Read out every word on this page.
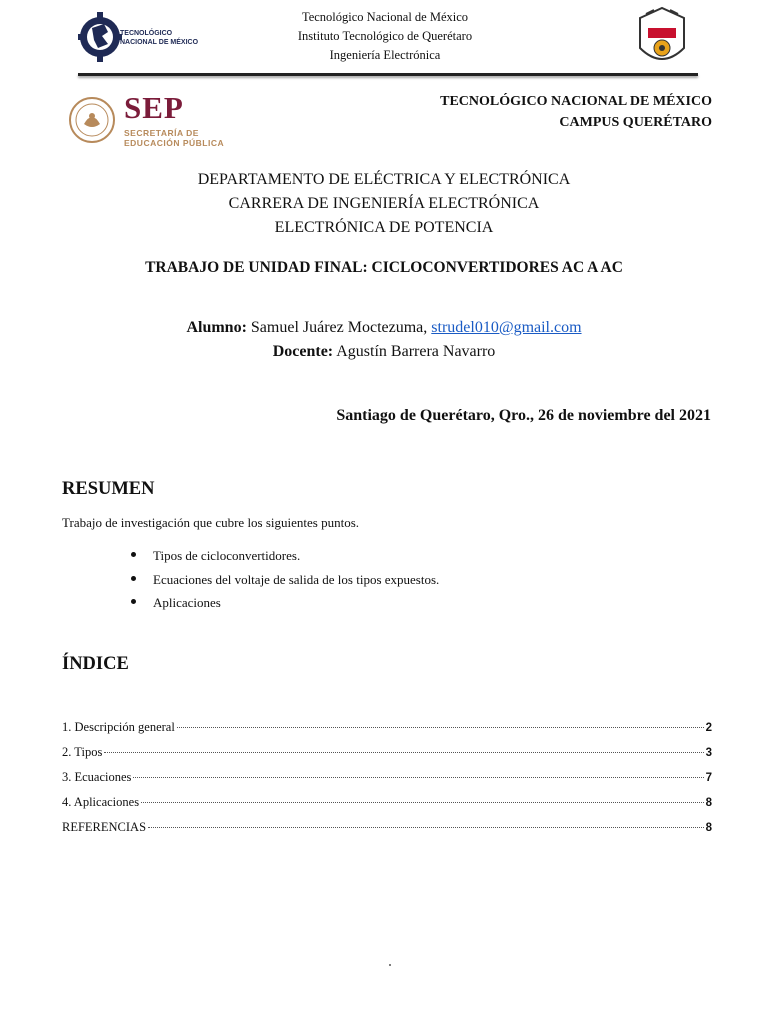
TECNOLÓGICO
NACIONAL DE MÉXICO
Tecnológico Nacional de México
Instituto Tecnológico de Querétaro
Ingeniería Electrónica
SEP
SECRETARÍA DE
EDUCACIÓN PÚBLICA
TECNOLÓGICO NACIONAL DE MÉXICO
CAMPUS QUERÉTARO
DEPARTAMENTO DE ELÉCTRICA Y ELECTRÓNICA
CARRERA DE INGENIERÍA ELECTRÓNICA
ELECTRÓNICA DE POTENCIA
TRABAJO DE UNIDAD FINAL: CICLOCONVERTIDORES AC A AC
Alumno: Samuel Juárez Moctezuma, strudel010@gmail.com
Docente: Agustín Barrera Navarro
Santiago de Querétaro, Qro., 26 de noviembre del 2021
RESUMEN
Trabajo de investigación que cubre los siguientes puntos.
Tipos de cicloconvertidores.
Ecuaciones del voltaje de salida de los tipos expuestos.
Aplicaciones
ÍNDICE
1. Descripción general	2
2. Tipos	3
3. Ecuaciones	7
4. Aplicaciones	8
REFERENCIAS	8
